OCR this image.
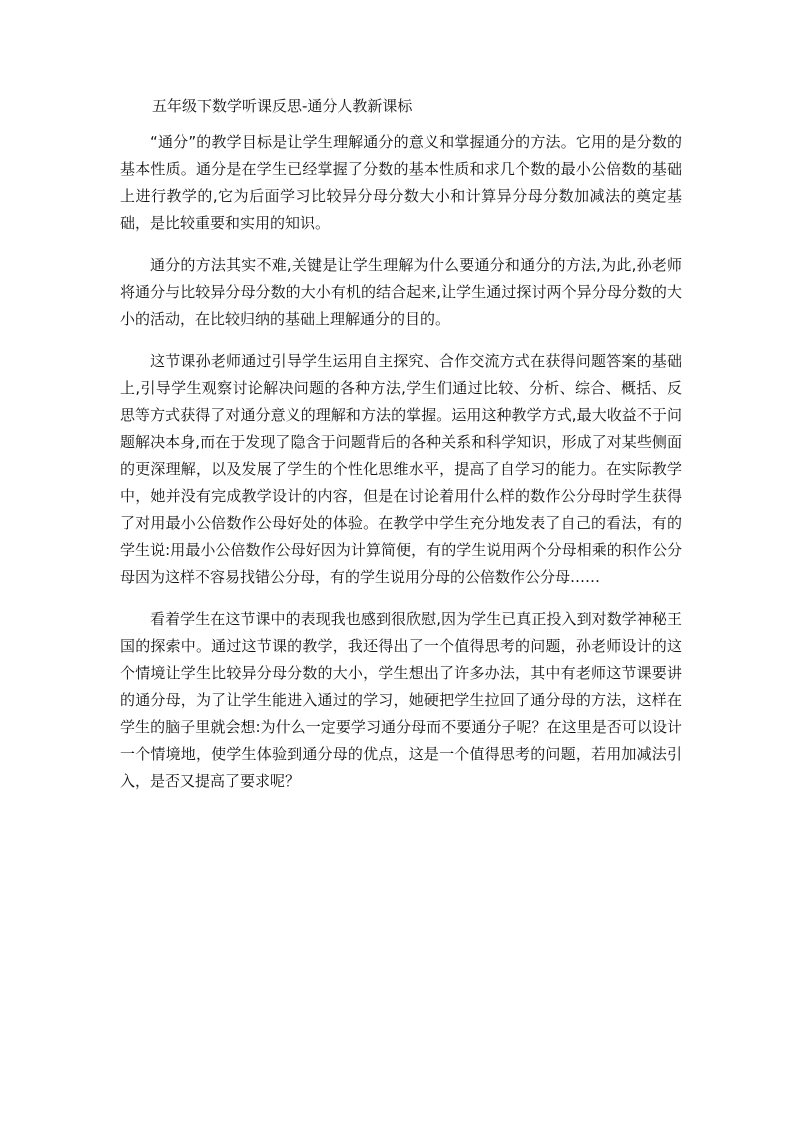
五年级下数学听课反思-通分人教新课标

“通分”的教学目标是让学生理解通分的意义和掌握通分的方法。它用的是分数的基本性质。通分是在学生已经掌握了分数的基本性质和求几个数的最小公倍数的基础上进行教学的,它为后面学习比较异分母分数大小和计算异分母分数加减法的奠定基础，是比较重要和实用的知识。

通分的方法其实不难,关键是让学生理解为什么要通分和通分的方法,为此,孙老师将通分与比较异分母分数的大小有机的结合起来,让学生通过探讨两个异分母分数的大小的活动，在比较归纳的基础上理解通分的目的。

这节课孙老师通过引导学生运用自主探究、合作交流方式在获得问题答案的基础上,引导学生观察讨论解决问题的各种方法,学生们通过比较、分析、综合、概括、反思等方式获得了对通分意义的理解和方法的掌握。运用这种教学方式,最大收益不于问题解决本身,而在于发现了隐含于问题背后的各种关系和科学知识，形成了对某些侧面的更深理解，以及发展了学生的个性化思维水平，提高了自学习的能力。在实际教学中，她并没有完成教学设计的内容，但是在讨论着用什么样的数作公分母时学生获得了对用最小公倍数作公母好处的体验。在教学中学生充分地发表了自己的看法，有的学生说:用最小公倍数作公母好因为计算简便，有的学生说用两个分母相乘的积作公分母因为这样不容易找错公分母，有的学生说用分母的公倍数作公分母……

看着学生在这节课中的表现我也感到很欣慰,因为学生已真正投入到对数学神秘王国的探索中。通过这节课的教学，我还得出了一个值得思考的问题，孙老师设计的这个情境让学生比较异分母分数的大小，学生想出了许多办法，其中有老师这节课要讲的通分母，为了让学生能进入通过的学习，她硬把学生拉回了通分母的方法，这样在学生的脑子里就会想:为什么一定要学习通分母而不要通分子呢？在这里是否可以设计一个情境地，使学生体验到通分母的优点，这是一个值得思考的问题，若用加减法引入，是否又提高了要求呢？
